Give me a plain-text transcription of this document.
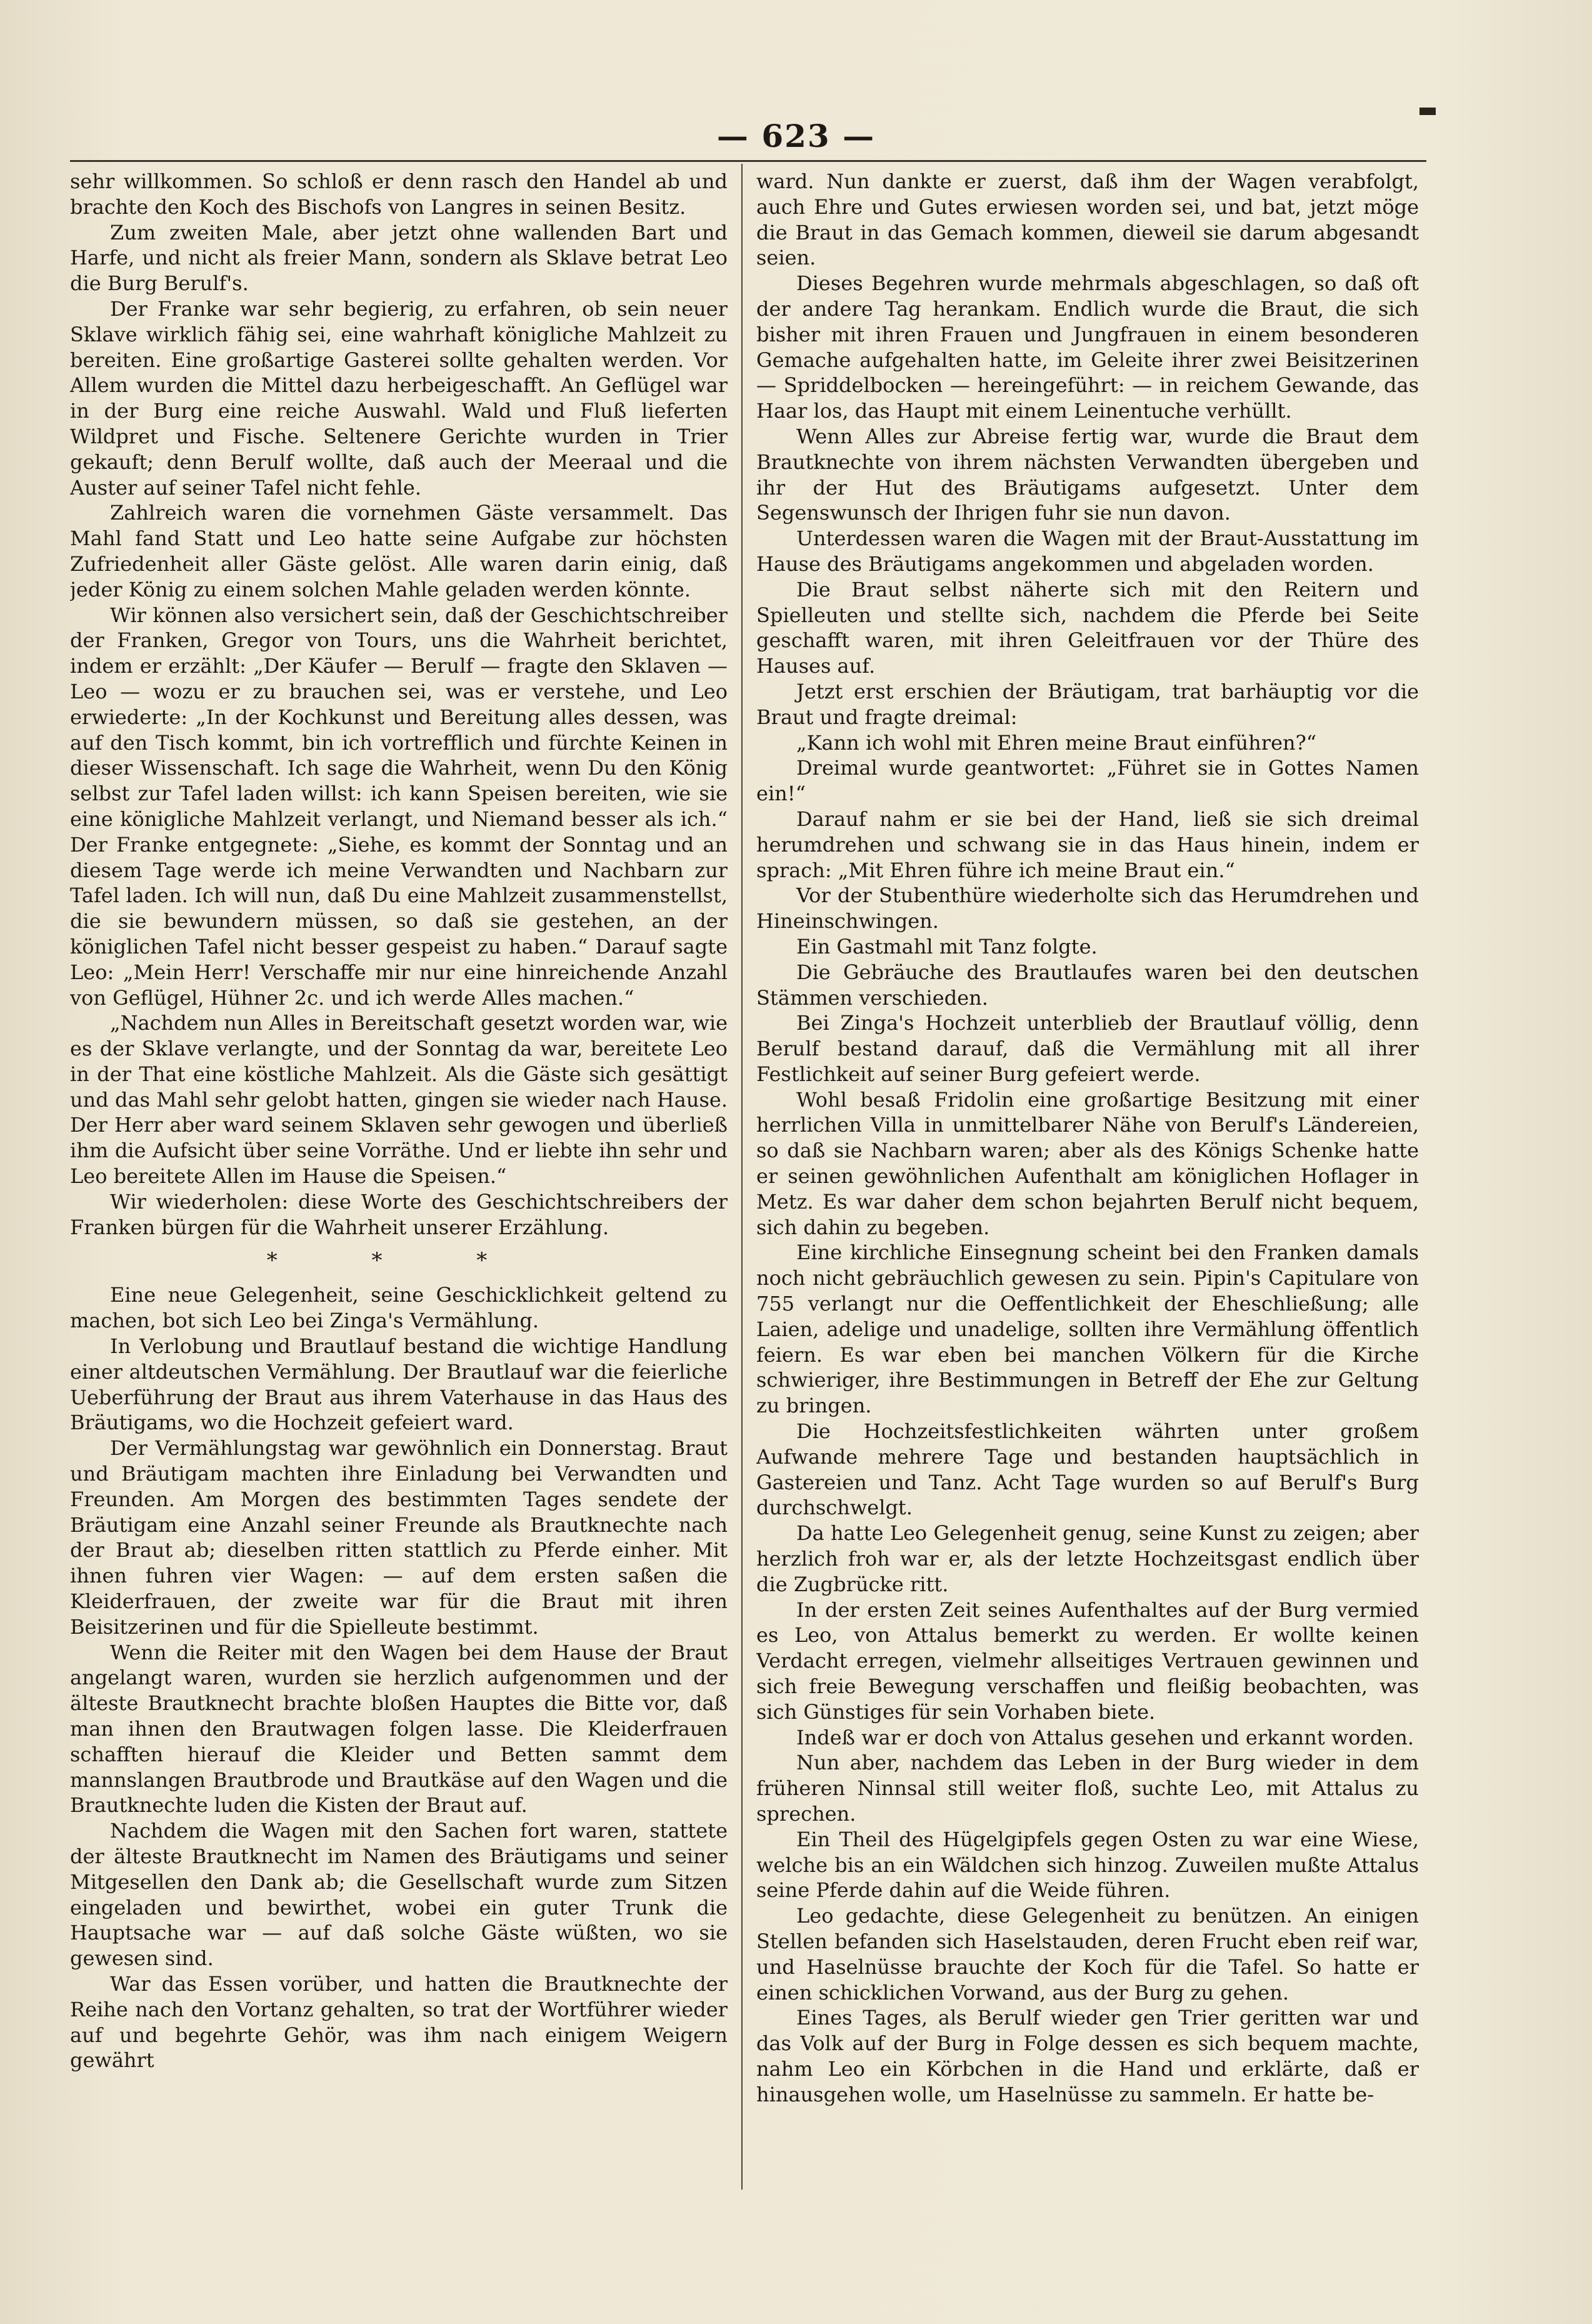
— 623 —

sehr willkommen. So schloß er denn rasch den Handel ab und brachte den Koch des Bischofs von Langres in seinen Besitz.

Zum zweiten Male, aber jetzt ohne wallenden Bart und Harfe, und nicht als freier Mann, sondern als Sklave betrat Leo die Burg Berulf's.

Der Franke war sehr begierig, zu erfahren, ob sein neuer Sklave wirklich fähig sei, eine wahrhaft königliche Mahlzeit zu bereiten. Eine großartige Gasterei sollte gehalten werden. Vor Allem wurden die Mittel dazu herbeigeschafft. An Geflügel war in der Burg eine reiche Auswahl. Wald und Fluß lieferten Wildpret und Fische. Seltenere Gerichte wurden in Trier gekauft; denn Berulf wollte, daß auch der Meeraal und die Auster auf seiner Tafel nicht fehle.

Zahlreich waren die vornehmen Gäste versammelt. Das Mahl fand Statt und Leo hatte seine Aufgabe zur höchsten Zufriedenheit aller Gäste gelöst. Alle waren darin einig, daß jeder König zu einem solchen Mahle geladen werden könnte.

Wir können also versichert sein, daß der Geschichtschreiber der Franken, Gregor von Tours, uns die Wahrheit berichtet, indem er erzählt: „Der Käufer — Berulf — fragte den Sklaven — Leo — wozu er zu brauchen sei, was er verstehe, und Leo erwiederte: „In der Kochkunst und Bereitung alles dessen, was auf den Tisch kommt, bin ich vortrefflich und fürchte Keinen in dieser Wissenschaft. Ich sage die Wahrheit, wenn Du den König selbst zur Tafel laden willst: ich kann Speisen bereiten, wie sie eine königliche Mahlzeit verlangt, und Niemand besser als ich.“ Der Franke entgegnete: „Siehe, es kommt der Sonntag und an diesem Tage werde ich meine Verwandten und Nachbarn zur Tafel laden. Ich will nun, daß Du eine Mahlzeit zusammenstellst, die sie bewundern müssen, so daß sie gestehen, an der königlichen Tafel nicht besser gespeist zu haben.“ Darauf sagte Leo: „Mein Herr! Verschaffe mir nur eine hinreichende Anzahl von Geflügel, Hühner 2c. und ich werde Alles machen.“

„Nachdem nun Alles in Bereitschaft gesetzt worden war, wie es der Sklave verlangte, und der Sonntag da war, bereitete Leo in der That eine köstliche Mahlzeit. Als die Gäste sich gesättigt und das Mahl sehr gelobt hatten, gingen sie wieder nach Hause. Der Herr aber ward seinem Sklaven sehr gewogen und überließ ihm die Aufsicht über seine Vorräthe. Und er liebte ihn sehr und Leo bereitete Allen im Hause die Speisen.“

Wir wiederholen: diese Worte des Geschichtschreibers der Franken bürgen für die Wahrheit unserer Erzählung.

* * *

Eine neue Gelegenheit, seine Geschicklichkeit geltend zu machen, bot sich Leo bei Zinga's Vermählung.

In Verlobung und Brautlauf bestand die wichtige Handlung einer altdeutschen Vermählung. Der Brautlauf war die feierliche Ueberführung der Braut aus ihrem Vaterhause in das Haus des Bräutigams, wo die Hochzeit gefeiert ward.

Der Vermählungstag war gewöhnlich ein Donnerstag. Braut und Bräutigam machten ihre Einladung bei Verwandten und Freunden. Am Morgen des bestimmten Tages sendete der Bräutigam eine Anzahl seiner Freunde als Brautknechte nach der Braut ab; dieselben ritten stattlich zu Pferde einher. Mit ihnen fuhren vier Wagen: — auf dem ersten saßen die Kleiderfrauen, der zweite war für die Braut mit ihren Beisitzerinen und für die Spielleute bestimmt.

Wenn die Reiter mit den Wagen bei dem Hause der Braut angelangt waren, wurden sie herzlich aufgenommen und der älteste Brautknecht brachte bloßen Hauptes die Bitte vor, daß man ihnen den Brautwagen folgen lasse. Die Kleiderfrauen schafften hierauf die Kleider und Betten sammt dem mannslangen Brautbrode und Brautkäse auf den Wagen und die Brautknechte luden die Kisten der Braut auf.

Nachdem die Wagen mit den Sachen fort waren, stattete der älteste Brautknecht im Namen des Bräutigams und seiner Mitgesellen den Dank ab; die Gesellschaft wurde zum Sitzen eingeladen und bewirthet, wobei ein guter Trunk die Hauptsache war — auf daß solche Gäste wüßten, wo sie gewesen sind.

War das Essen vorüber, und hatten die Brautknechte der Reihe nach den Vortanz gehalten, so trat der Wortführer wieder auf und begehrte Gehör, was ihm nach einigem Weigern gewährt

ward. Nun dankte er zuerst, daß ihm der Wagen verabfolgt, auch Ehre und Gutes erwiesen worden sei, und bat, jetzt möge die Braut in das Gemach kommen, dieweil sie darum abgesandt seien.

Dieses Begehren wurde mehrmals abgeschlagen, so daß oft der andere Tag herankam. Endlich wurde die Braut, die sich bisher mit ihren Frauen und Jungfrauen in einem besonderen Gemache aufgehalten hatte, im Geleite ihrer zwei Beisitzerinen — Spriddelbocken — hereingeführt: — in reichem Gewande, das Haar los, das Haupt mit einem Leinentuche verhüllt.

Wenn Alles zur Abreise fertig war, wurde die Braut dem Brautknechte von ihrem nächsten Verwandten übergeben und ihr der Hut des Bräutigams aufgesetzt. Unter dem Segenswunsch der Ihrigen fuhr sie nun davon.

Unterdessen waren die Wagen mit der Braut-Ausstattung im Hause des Bräutigams angekommen und abgeladen worden.

Die Braut selbst näherte sich mit den Reitern und Spielleuten und stellte sich, nachdem die Pferde bei Seite geschafft waren, mit ihren Geleitfrauen vor der Thüre des Hauses auf.

Jetzt erst erschien der Bräutigam, trat barhäuptig vor die Braut und fragte dreimal:

„Kann ich wohl mit Ehren meine Braut einführen?“

Dreimal wurde geantwortet: „Führet sie in Gottes Namen ein!“

Darauf nahm er sie bei der Hand, ließ sie sich dreimal herumdrehen und schwang sie in das Haus hinein, indem er sprach: „Mit Ehren führe ich meine Braut ein.“

Vor der Stubenthüre wiederholte sich das Herumdrehen und Hineinschwingen.

Ein Gastmahl mit Tanz folgte.

Die Gebräuche des Brautlaufes waren bei den deutschen Stämmen verschieden.

Bei Zinga's Hochzeit unterblieb der Brautlauf völlig, denn Berulf bestand darauf, daß die Vermählung mit all ihrer Festlichkeit auf seiner Burg gefeiert werde.

Wohl besaß Fridolin eine großartige Besitzung mit einer herrlichen Villa in unmittelbarer Nähe von Berulf's Ländereien, so daß sie Nachbarn waren; aber als des Königs Schenke hatte er seinen gewöhnlichen Aufenthalt am königlichen Hoflager in Metz. Es war daher dem schon bejahrten Berulf nicht bequem, sich dahin zu begeben.

Eine kirchliche Einsegnung scheint bei den Franken damals noch nicht gebräuchlich gewesen zu sein. Pipin's Capitulare von 755 verlangt nur die Oeffentlichkeit der Eheschließung; alle Laien, adelige und unadelige, sollten ihre Vermählung öffentlich feiern. Es war eben bei manchen Völkern für die Kirche schwieriger, ihre Bestimmungen in Betreff der Ehe zur Geltung zu bringen.

Die Hochzeitsfestlichkeiten währten unter großem Aufwande mehrere Tage und bestanden hauptsächlich in Gastereien und Tanz. Acht Tage wurden so auf Berulf's Burg durchschwelgt.

Da hatte Leo Gelegenheit genug, seine Kunst zu zeigen; aber herzlich froh war er, als der letzte Hochzeitsgast endlich über die Zugbrücke ritt.

In der ersten Zeit seines Aufenthaltes auf der Burg vermied es Leo, von Attalus bemerkt zu werden. Er wollte keinen Verdacht erregen, vielmehr allseitiges Vertrauen gewinnen und sich freie Bewegung verschaffen und fleißig beobachten, was sich Günstiges für sein Vorhaben biete.

Indeß war er doch von Attalus gesehen und erkannt worden.

Nun aber, nachdem das Leben in der Burg wieder in dem früheren Ninnsal still weiter floß, suchte Leo, mit Attalus zu sprechen.

Ein Theil des Hügelgipfels gegen Osten zu war eine Wiese, welche bis an ein Wäldchen sich hinzog. Zuweilen mußte Attalus seine Pferde dahin auf die Weide führen.

Leo gedachte, diese Gelegenheit zu benützen. An einigen Stellen befanden sich Haselstauden, deren Frucht eben reif war, und Haselnüsse brauchte der Koch für die Tafel. So hatte er einen schicklichen Vorwand, aus der Burg zu gehen.

Eines Tages, als Berulf wieder gen Trier geritten war und das Volk auf der Burg in Folge dessen es sich bequem machte, nahm Leo ein Körbchen in die Hand und erklärte, daß er hinausgehen wolle, um Haselnüsse zu sammeln. Er hatte be-
